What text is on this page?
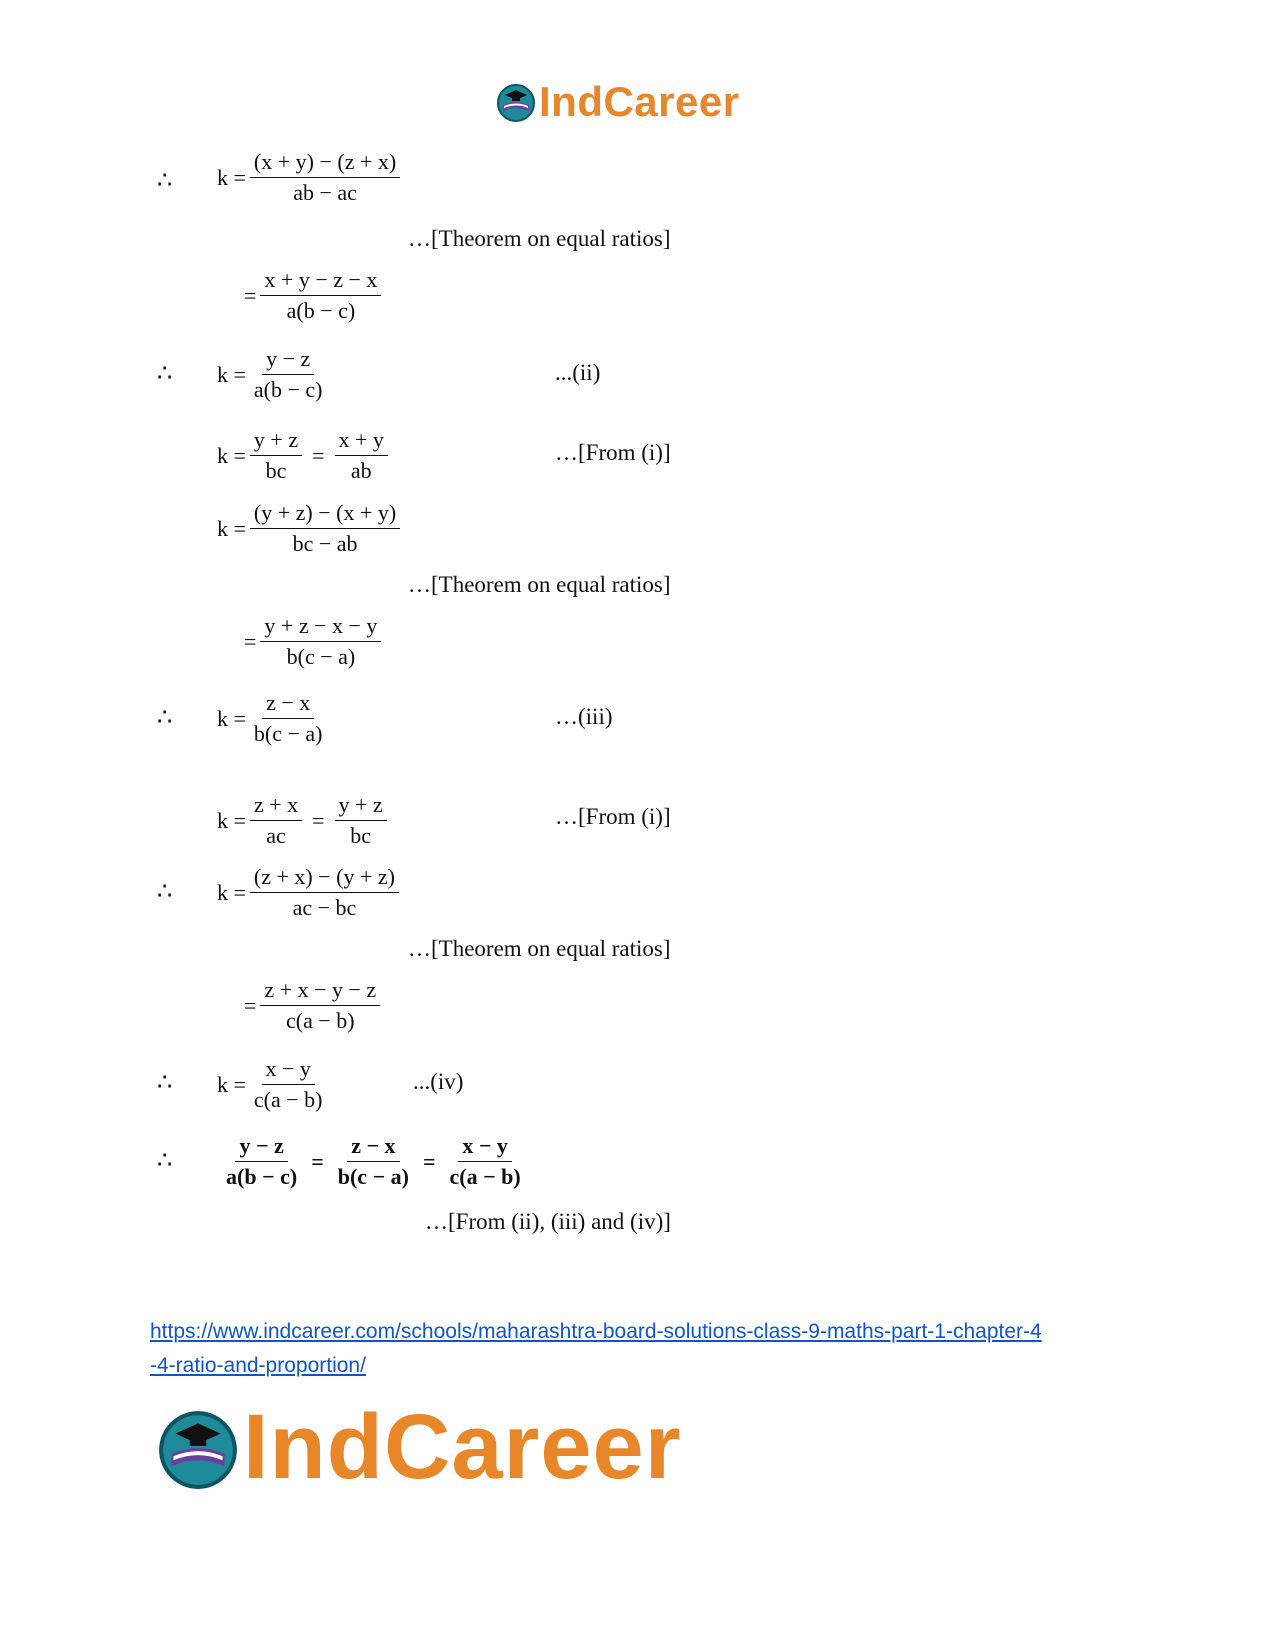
IndCareer
∴ $k = \frac{(x + y) - (z + x)}{ab - ac}$
…[Theorem on equal ratios]
= $\frac{x + y - z - x}{a(b - c)}$
∴ $k = \frac{y - z}{a(b - c)}$	...(ii)
$k = \frac{y + z}{bc} = \frac{x + y}{ab}$	…[From (i)]
$k = \frac{(y + z) - (x + y)}{bc - ab}$
…[Theorem on equal ratios]
= $\frac{y + z - x - y}{b(c - a)}$
∴ $k = \frac{z - x}{b(c - a)}$	…(iii)
$k = \frac{z + x}{ac} = \frac{y + z}{bc}$	…[From (i)]
∴ $k = \frac{(z + x) - (y + z)}{ac - bc}$
…[Theorem on equal ratios]
= $\frac{z + x - y - z}{c(a - b)}$
∴ $k = \frac{x - y}{c(a - b)}$	...(iv)
∴ $\frac{y - z}{a(b - c)} = \frac{z - x}{b(c - a)} = \frac{x - y}{c(a - b)}$
…[From (ii), (iii) and (iv)]
https://www.indcareer.com/schools/maharashtra-board-solutions-class-9-maths-part-1-chapter-4
-4-ratio-and-proportion/
IndCareer
